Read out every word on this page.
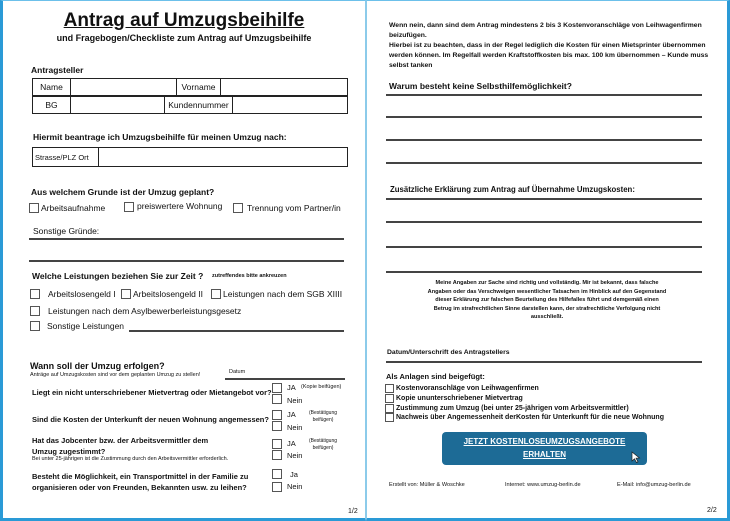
Antrag auf Umzugsbeihilfe
und Fragebogen/Checkliste zum Antrag auf Umzugsbeihilfe
Antragsteller
Name		Vorname	
BG		Kundennummer	
Hiermit beantrage ich Umzugsbeihilfe für meinen Umzug nach:
Strasse/PLZ Ort	
Aus welchem Grunde ist der Umzug geplant?
Arbeitsaufnahme	preiswertere Wohnung	Trennung vom Partner/in
Sonstige Gründe:
Welche Leistungen beziehen Sie zur Zeit ? zutreffendes bitte ankreuzen
Arbeitslosengeld I Arbeitslosengeld II Leistungen nach dem SGB XIIII
Leistungen nach dem Asylbewerberleistungsgesetz
Sonstige Leistungen
Wann soll der Umzug erfolgen?
Anträge auf Umzugskosten sind vor dem geplanten Umzug zu stellen!	Datum
Liegt ein nicht unterschriebener Mietvertrag oder Mietangebot vor?
JA (Kopie beifügen)
Nein
Sind die Kosten der Unterkunft der neuen Wohnung angemessen?
JA	(Bestätigung beifügen)
Nein
Hat das Jobcenter bzw. der Arbeitsvermittler dem Umzug zugestimmt?
Bei unter 25-jährigen ist die Zustimmung durch den Arbeitsvermittler erforderlich.
JA	(Bestätigung beifügen)
Nein
Besteht die Möglichkeit, ein Transportmittel in der Familie zu organisieren oder von Freunden, Bekannten usw. zu leihen?
Ja
Nein
1/2
Wenn nein, dann sind dem Antrag mindestens 2 bis 3 Kostenvoranschläge von Leihwagenfirmen beizufügen.
Hierbei ist zu beachten, dass in der Regel lediglich die Kosten für einen Mietsprinter übernommen werden können. Im Regelfall werden Kraftstoffkosten bis max. 100 km übernommen – Kunde muss selbst tanken
Warum besteht keine Selbsthilfemöglichkeit?
Zusätzliche Erklärung zum Antrag auf Übernahme Umzugskosten:
Meine Angaben zur Sache sind richtig und vollständig. Mir ist bekannt, dass falsche Angaben oder das Verschweigen wesentlicher Tatsachen im Hinblick auf den Gegenstand dieser Erklärung zur falschen Beurteilung des Hilfefalles führt und demgemäß einen Betrug im strafrechtlichen Sinne darstellen kann, der strafrechtliche Verfolgung nicht ausschließt.
Datum/Unterschrift des Antragstellers
Als Anlagen sind beigefügt:
Kostenvoranschläge von Leihwagenfirmen
Kopie ununterschriebener Mietvertrag
Zustimmung zum Umzug (bei unter 25-jährigen vom Arbeitsvermittler)
Nachweis über Angemessenheit derKosten für Unterkunft für die neue Wohnung
JETZT KOSTENLOSEUMZUGSANGEBOTE ERHALTEN
Erstellt von: Müller & Woschke	Internet: www.umzug-berlin.de	E-Mail: info@umzug-berlin.de
2/2
